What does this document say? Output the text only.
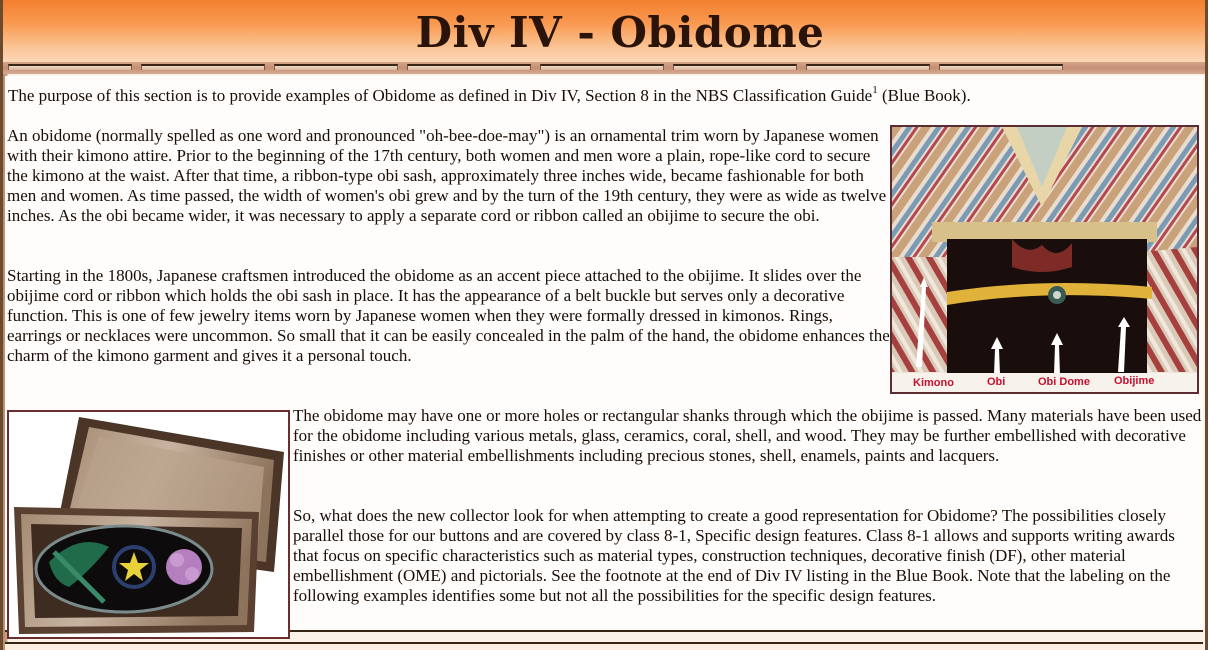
Div IV - Obidome

The purpose of this section is to provide examples of Obidome as defined in Div IV, Section 8 in the NBS Classification Guide$^1$ (Blue Book).

An obidome (normally spelled as one word and pronounced "oh-bee-doe-may") is an ornamental trim worn by Japanese women with their kimono attire. Prior to the beginning of the 17th century, both women and men wore a plain, rope-like cord to secure the kimono at the waist. After that time, a ribbon-type obi sash, approximately three inches wide, became fashionable for both men and women. As time passed, the width of women's obi grew and by the turn of the 19th century, they were as wide as twelve inches. As the obi became wider, it was necessary to apply a separate cord or ribbon called an obijime to secure the obi.

Starting in the 1800s, Japanese craftsmen introduced the obidome as an accent piece attached to the obijime. It slides over the obijime cord or ribbon which holds the obi sash in place. It has the appearance of a belt buckle but serves only a decorative function. This is one of few jewelry items worn by Japanese women when they were formally dressed in kimonos. Rings, earrings or necklaces were uncommon. So small that it can be easily concealed in the palm of the hand, the obidome enhances the charm of the kimono garment and gives it a personal touch.

The obidome may have one or more holes or rectangular shanks through which the obijime is passed. Many materials have been used for the obidome including various metals, glass, ceramics, coral, shell, and wood. They may be further embellished with decorative finishes or other material embellishments including precious stones, shell, enamels, paints and lacquers.

So, what does the new collector look for when attempting to create a good representation for Obidome? The possibilities closely parallel those for our buttons and are covered by class 8-1, Specific design features. Class 8-1 allows and supports writing awards that focus on specific characteristics such as material types, construction techniques, decorative finish (DF), other material embellishment (OME) and pictorials. See the footnote at the end of Div IV listing in the Blue Book. Note that the labeling on the following examples identifies some but not all the possibilities for the specific design features.

Kimono	Obi	Obi Dome Obijime
